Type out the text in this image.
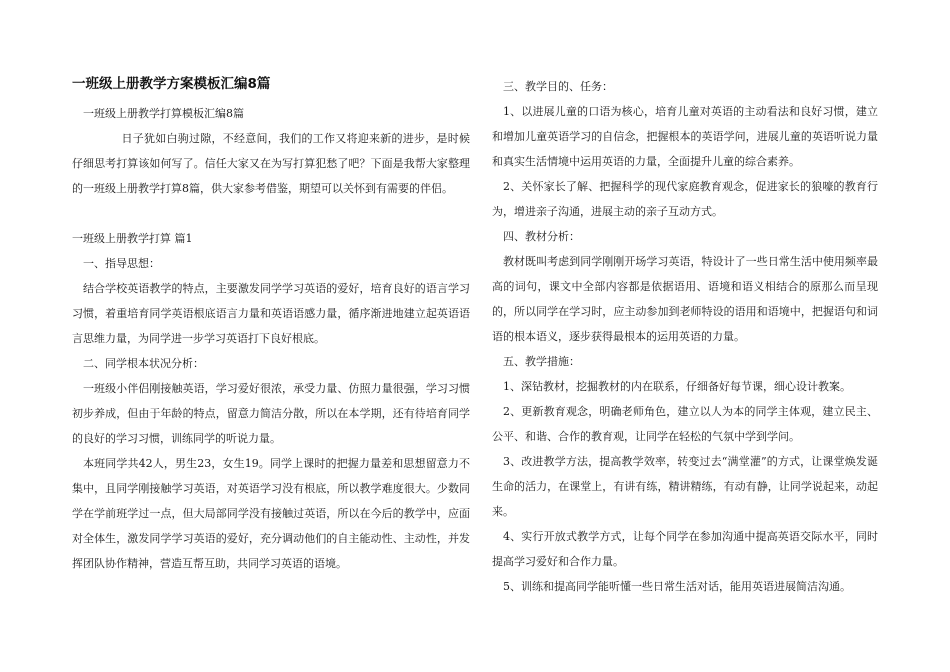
一班级上册教学方案模板汇编8篇

一班级上册教学打算模板汇编8篇

日子犹如白驹过隙，不经意间，我们的工作又将迎来新的进步，是时候仔细思考打算该如何写了。信任大家又在为写打算犯愁了吧？下面是我帮大家整理的一班级上册教学打算8篇，供大家参考借鉴，期望可以关怀到有需要的伴侣。

一班级上册教学打算 篇1

一、指导思想：

结合学校英语教学的特点，主要激发同学学习英语的爱好，培育良好的语言学习习惯，着重培育同学英语根底语言力量和英语语感力量，循序渐进地建立起英语语言思维力量，为同学进一步学习英语打下良好根底。

二、同学根本状况分析：

一班级小伴侣刚接触英语，学习爱好很浓，承受力量、仿照力量很强，学习习惯初步养成，但由于年龄的特点，留意力简洁分散，所以在本学期，还有待培育同学的良好的学习习惯，训练同学的听说力量。

本班同学共42人，男生23，女生19。同学上课时的把握力量差和思想留意力不集中，且同学刚接触学习英语，对英语学习没有根底，所以教学难度很大。少数同学在学前班学过一点，但大局部同学没有接触过英语，所以在今后的教学中，应面对全体生，激发同学学习英语的爱好，充分调动他们的自主能动性、主动性，并发挥团队协作精神，营造互帮互助，共同学习英语的语境。

三、教学目的、任务：

1、以进展儿童的口语为核心，培育儿童对英语的主动看法和良好习惯，建立和增加儿童英语学习的自信念，把握根本的英语学问，进展儿童的英语听说力量和真实生活情境中运用英语的力量，全面提升儿童的综合素养。

2、关怀家长了解、把握科学的现代家庭教育观念，促进家长的狼嚎的教育行为，增进亲子沟通，进展主动的亲子互动方式。

四、教材分析：

教材既叫考虑到同学刚刚开场学习英语，特设计了一些日常生活中使用频率最高的词句，课文中全部内容都是依据语用、语境和语义相结合的原那么而呈现的，所以同学在学习时，应主动参加到老师特设的语用和语境中，把握语句和词语的根本语义，逐步获得最根本的运用英语的力量。

五、教学措施：

1、深钻教材，挖掘教材的内在联系，仔细备好每节课，细心设计教案。

2、更新教育观念，明确老师角色，建立以人为本的同学主体观，建立民主、公平、和谐、合作的教育观，让同学在轻松的气氛中学到学问。

3、改进教学方法，提高教学效率，转变过去“满堂灌”的方式，让课堂焕发诞生命的活力，在课堂上，有讲有练，精讲精练，有动有静，让同学说起来，动起来。

4、实行开放式教学方式，让每个同学在参加沟通中提高英语交际水平，同时提高学习爱好和合作力量。

5、训练和提高同学能听懂一些日常生活对话，能用英语进展简洁沟通。
